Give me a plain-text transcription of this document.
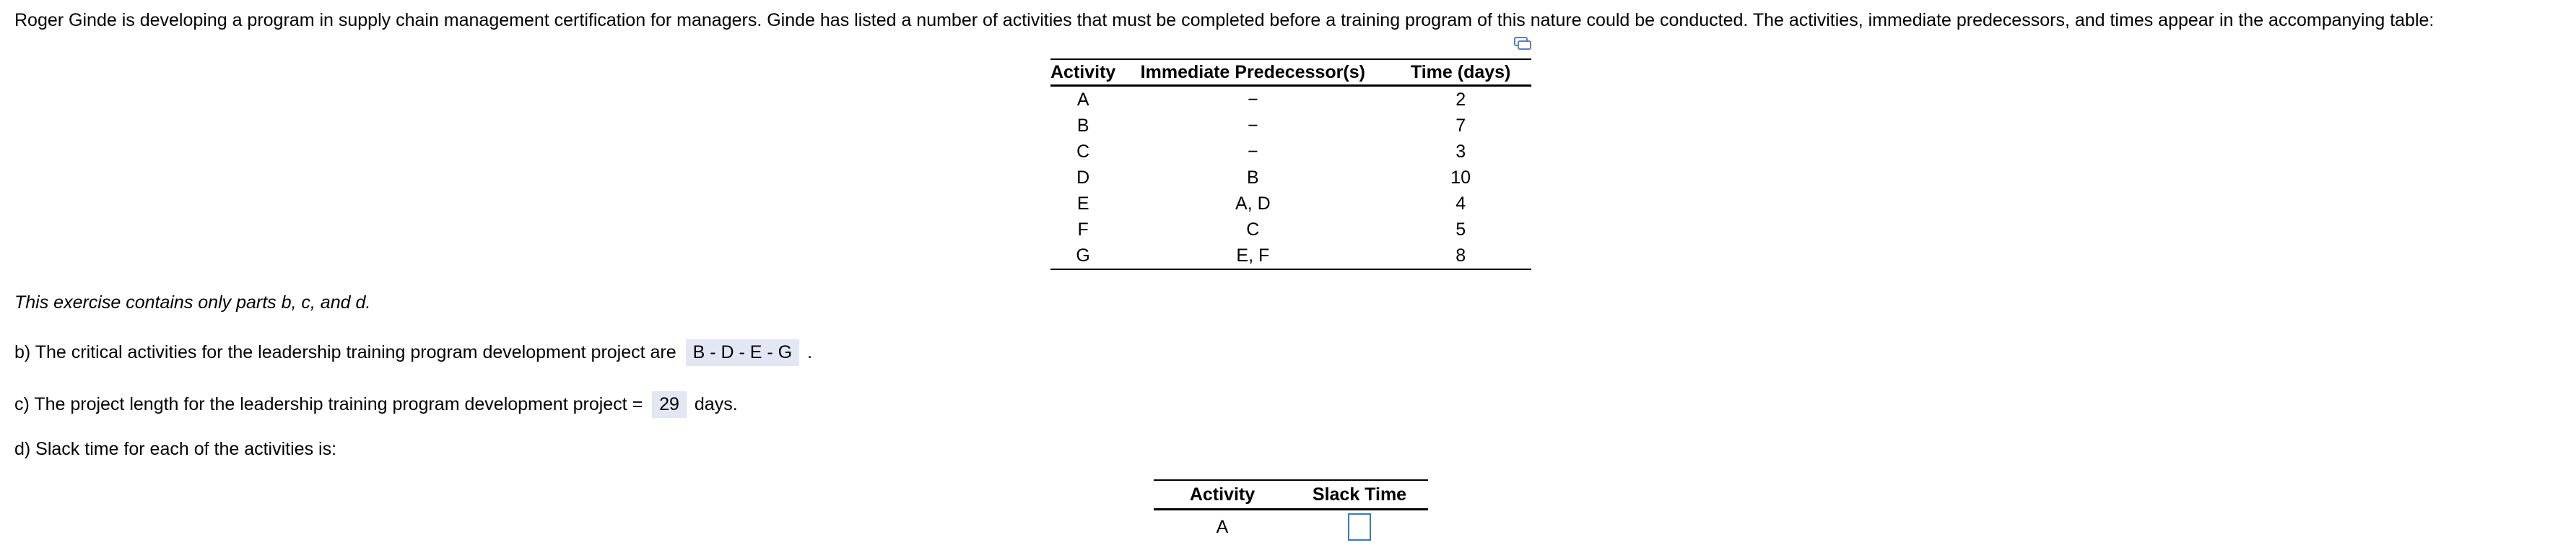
Roger Ginde is developing a program in supply chain management certification for managers. Ginde has listed a number of activities that must be completed before a training program of this nature could be conducted. The activities, immediate predecessors, and times appear in the accompanying table:
Activity	Immediate Predecessor(s)	Time (days)
A	−	2
B	−	7
C	−	3
D	B	10
E	A, D	4
F	C	5
G	E, F	8
This exercise contains only parts b, c, and d.
b) The critical activities for the leadership training program development project are B - D - E - G .
c) The project length for the leadership training program development project = 29 days.
d) Slack time for each of the activities is:
Activity	Slack Time
A	
